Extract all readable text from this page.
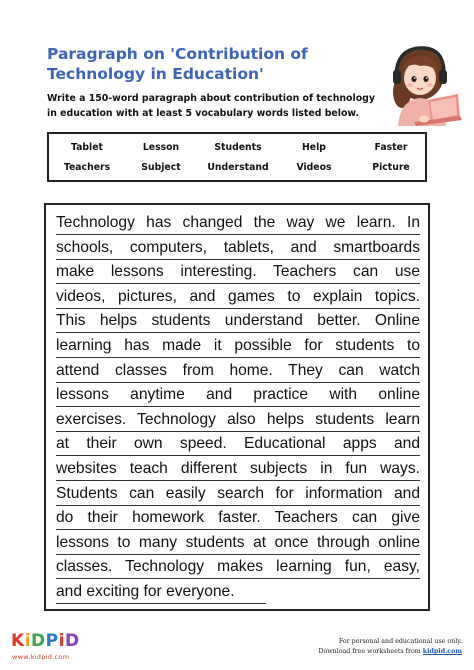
Paragraph on 'Contribution of Technology in Education'
Write a 150-word paragraph about contribution of technology in education with at least 5 vocabulary words listed below.
Tablet	Lesson	Students	Help	Faster
Teachers	Subject	Understand	Videos	Picture
Technology has changed the way we learn. In
schools, computers, tablets, and smartboards
make lessons interesting. Teachers can use
videos, pictures, and games to explain topics.
This helps students understand better. Online
learning has made it possible for students to
attend classes from home. They can watch
lessons anytime and practice with online
exercises. Technology also helps students learn
at their own speed. Educational apps and
websites teach different subjects in fun ways.
Students can easily search for information and
do their homework faster. Teachers can give
lessons to many students at once through online
classes. Technology makes learning fun, easy,
and exciting for everyone.
KiDPiD
www.kidpid.com
For personal and educational use only.
Download free worksheets from kidpid.com
